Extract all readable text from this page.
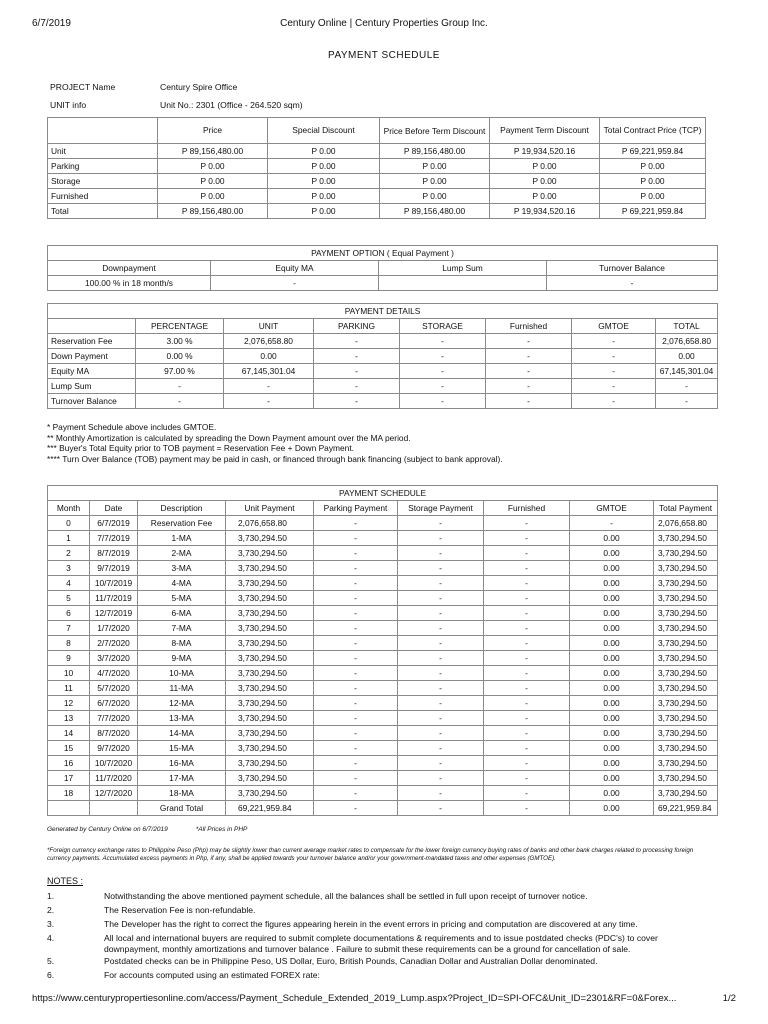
6/7/2019	Century Online | Century Properties Group Inc.
PAYMENT SCHEDULE
PROJECT Name	Century Spire Office
UNIT info	Unit No.: 2301 (Office - 264.520 sqm)
	Price	Special Discount	Price Before Term Discount	Payment Term Discount	Total Contract Price (TCP)
Unit	P 89,156,480.00	P 0.00	P 89,156,480.00	P 19,934,520.16	P 69,221,959.84
Parking	P 0.00	P 0.00	P 0.00	P 0.00	P 0.00
Storage	P 0.00	P 0.00	P 0.00	P 0.00	P 0.00
Furnished	P 0.00	P 0.00	P 0.00	P 0.00	P 0.00
Total	P 89,156,480.00	P 0.00	P 89,156,480.00	P 19,934,520.16	P 69,221,959.84
PAYMENT OPTION ( Equal Payment )			
Downpayment	Equity MA	Lump Sum	Turnover Balance
100.00 % in 18 month/s	-		-
PAYMENT DETAILS							
	PERCENTAGE	UNIT	PARKING	STORAGE	Furnished	GMTOE	TOTAL
Reservation Fee	3.00 %	2,076,658.80	-	-	-	-	2,076,658.80
Down Payment	0.00 %	0.00	-	-	-	-	0.00
Equity MA	97.00 %	67,145,301.04	-	-	-	-	67,145,301.04
Lump Sum	-	-	-	-	-	-	-
Turnover Balance	-	-	-	-	-	-	-
* Payment Schedule above includes GMTOE.
** Monthly Amortization is calculated by spreading the Down Payment amount over the MA period.
*** Buyer's Total Equity prior to TOB payment = Reservation Fee + Down Payment.
**** Turn Over Balance (TOB) payment may be paid in cash, or financed through bank financing (subject to bank approval).
PAYMENT SCHEDULE								
Month	Date	Description	Unit Payment	Parking Payment	Storage Payment	Furnished	GMTOE	Total Payment
0	6/7/2019	Reservation Fee	2,076,658.80	-	-	-	-	2,076,658.80
1	7/7/2019	1-MA	3,730,294.50	-	-	-	0.00	3,730,294.50
2	8/7/2019	2-MA	3,730,294.50	-	-	-	0.00	3,730,294.50
3	9/7/2019	3-MA	3,730,294.50	-	-	-	0.00	3,730,294.50
4	10/7/2019	4-MA	3,730,294.50	-	-	-	0.00	3,730,294.50
5	11/7/2019	5-MA	3,730,294.50	-	-	-	0.00	3,730,294.50
6	12/7/2019	6-MA	3,730,294.50	-	-	-	0.00	3,730,294.50
7	1/7/2020	7-MA	3,730,294.50	-	-	-	0.00	3,730,294.50
8	2/7/2020	8-MA	3,730,294.50	-	-	-	0.00	3,730,294.50
9	3/7/2020	9-MA	3,730,294.50	-	-	-	0.00	3,730,294.50
10	4/7/2020	10-MA	3,730,294.50	-	-	-	0.00	3,730,294.50
11	5/7/2020	11-MA	3,730,294.50	-	-	-	0.00	3,730,294.50
12	6/7/2020	12-MA	3,730,294.50	-	-	-	0.00	3,730,294.50
13	7/7/2020	13-MA	3,730,294.50	-	-	-	0.00	3,730,294.50
14	8/7/2020	14-MA	3,730,294.50	-	-	-	0.00	3,730,294.50
15	9/7/2020	15-MA	3,730,294.50	-	-	-	0.00	3,730,294.50
16	10/7/2020	16-MA	3,730,294.50	-	-	-	0.00	3,730,294.50
17	11/7/2020	17-MA	3,730,294.50	-	-	-	0.00	3,730,294.50
18	12/7/2020	18-MA	3,730,294.50	-	-	-	0.00	3,730,294.50
		Grand Total	69,221,959.84	-	-	-	0.00	69,221,959.84
Generated by Century Online on 6/7/2019	*All Prices in PHP
*Foreign currency exchange rates to Philippine Peso (Php) may be slightly lower than current average market rates to compensate for the lower foreign currency buying rates of banks and other bank charges related to processing foreign currency payments. Accumulated excess payments in Php, if any, shall be applied towards your turnover balance and/or your government-mandated taxes and other expenses (GMTOE).
NOTES :
1.	Notwithstanding the above mentioned payment schedule, all the balances shall be settled in full upon receipt of turnover notice.
2.	The Reservation Fee is non-refundable.
3.	The Developer has the right to correct the figures appearing herein in the event errors in pricing and computation are discovered at any time.
4.	All local and international buyers are required to submit complete documentations & requirements and to issue postdated checks (PDC's) to cover downpayment, monthly amortizations and turnover balance . Failure to submit these requirements can be a ground for cancellation of sale.
5.	Postdated checks can be in Philippine Peso, US Dollar, Euro, British Pounds, Canadian Dollar and Australian Dollar denominated.
6.	For accounts computed using an estimated FOREX rate:
https://www.centurypropertiesonline.com/access/Payment_Schedule_Extended_2019_Lump.aspx?Project_ID=SPI-OFC&Unit_ID=2301&RF=0&Forex...	1/2
